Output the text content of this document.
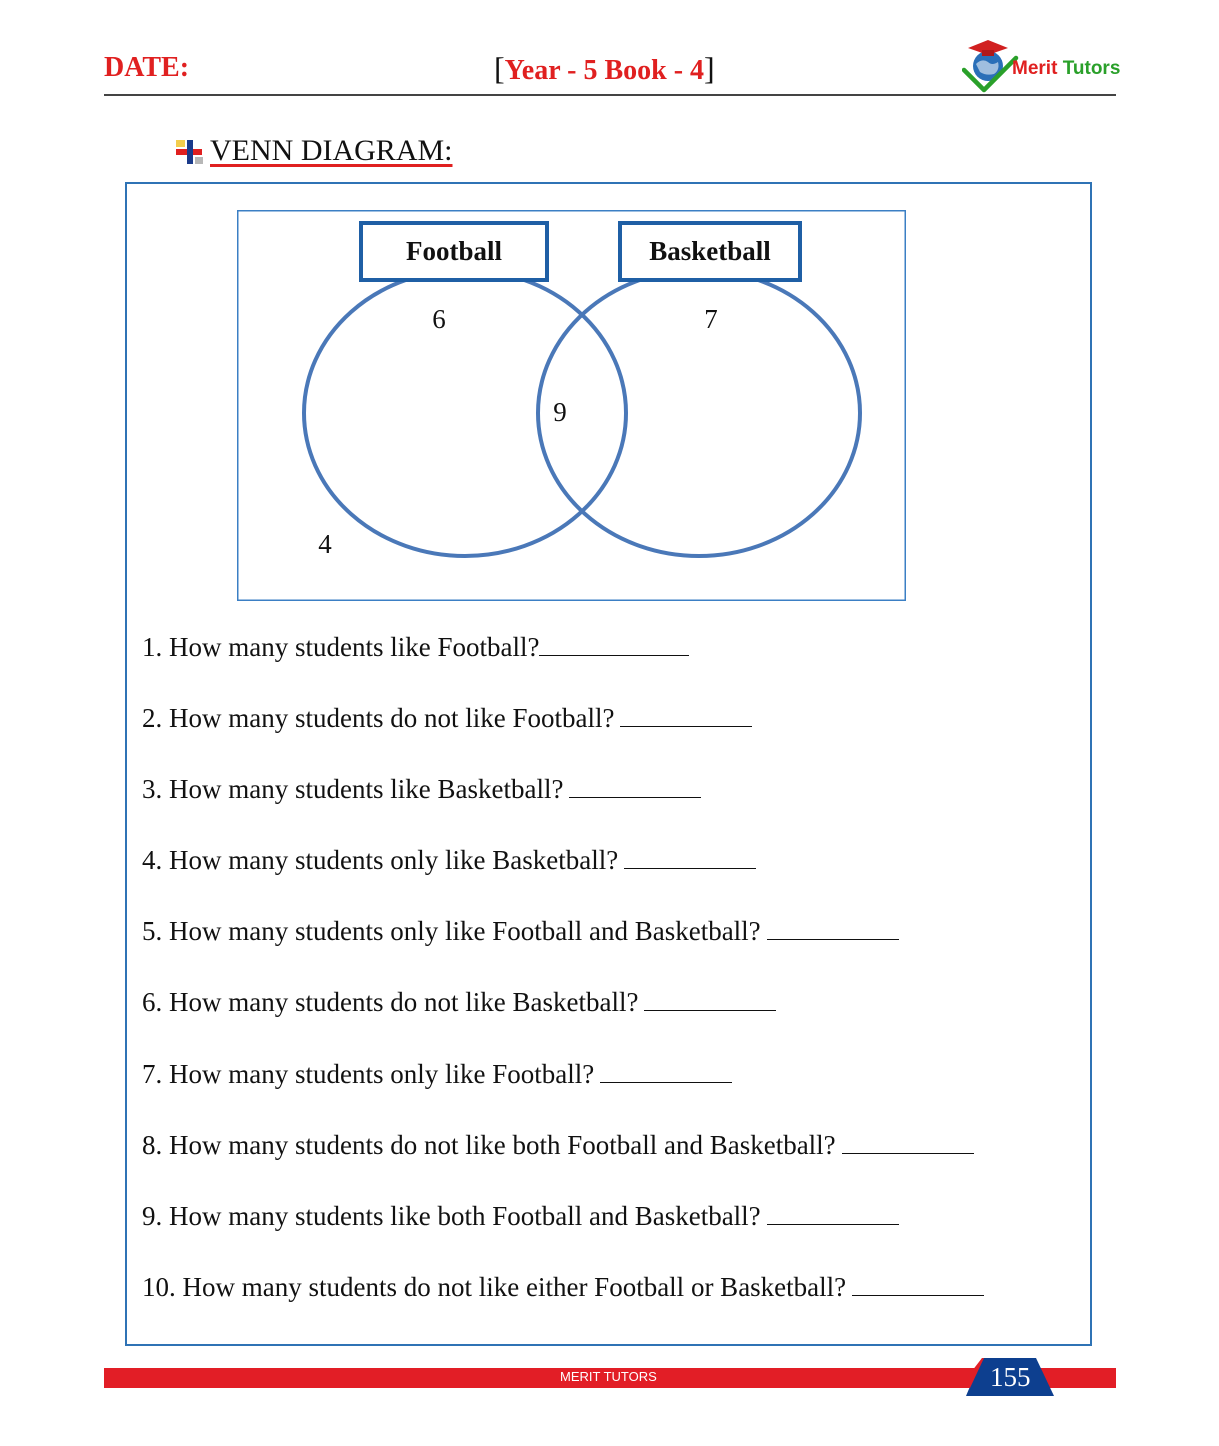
DATE:	[Year - 5 Book - 4]	Merit Tutors
VENN DIAGRAM:
Football	Basketball
6	7
9
4
1. How many students like Football?
2. How many students do not like Football?
3. How many students like Basketball?
4. How many students only like Basketball?
5. How many students only like Football and Basketball?
6. How many students do not like Basketball?
7. How many students only like Football?
8. How many students do not like both Football and Basketball?
9. How many students like both Football and Basketball?
10. How many students do not like either Football or Basketball?
MERIT TUTORS	155
